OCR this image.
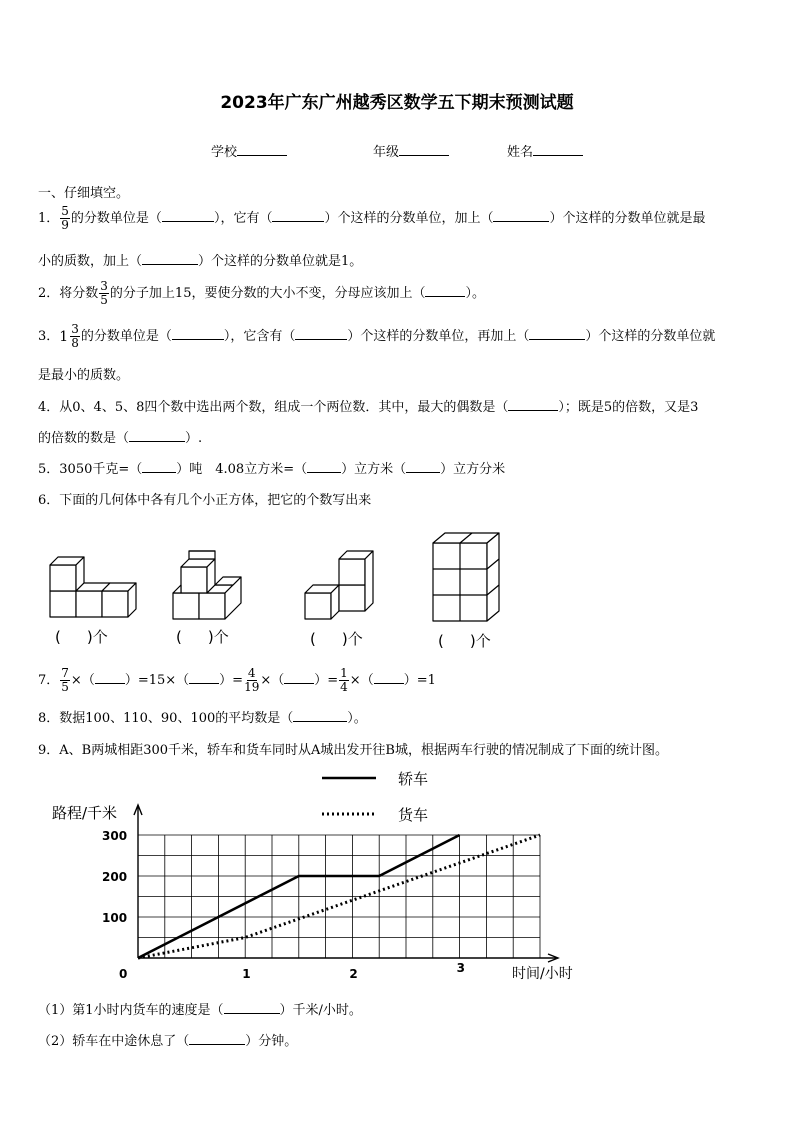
2023年广东广州越秀区数学五下期末预测试题
学校	年级	姓名
一、仔细填空。
1． $\frac{5}{9}$ 的分数单位是（	），它有（	）个这样的分数单位，加上（	）个这样的分数单位就是最
小的质数，加上（	）个这样的分数单位就是1。
2．将分数 $\frac{3}{5}$ 的分子加上15，要使分数的大小不变，分母应该加上（	）。
3． $1 \frac{3}{8}$ 的分数单位是（	），它含有（	）个这样的分数单位，再加上（	）个这样的分数单位就
是最小的质数。
4．从0、4、5、8四个数中选出两个数，组成一个两位数．其中，最大的偶数是（	）；既是5的倍数，又是3
的倍数的数是（	）.
5．3050千克=（	）吨　4.08立方米=（	）立方米（	）立方分米
6．下面的几何体中各有几个小正方体，把它的个数写出来
( )个	( )个	( )个	( )个
7． $\frac{7}{5}$ ×（ ）=15×（ ）= $\frac{4}{19}$ ×（ ）= $\frac{1}{4}$ ×（ ）=1
8．数据100、110、90、100的平均数是（	）。
9．A、B两城相距300千米，轿车和货车同时从A城出发开往B城，根据两车行驶的情况制成了下面的统计图。
路程/千米
时间/小时
100
200
300
0	1	2	3
轿车
货车
（1）第1小时内货车的速度是（	）千米/小时。
（2）轿车在中途休息了（	）分钟。
